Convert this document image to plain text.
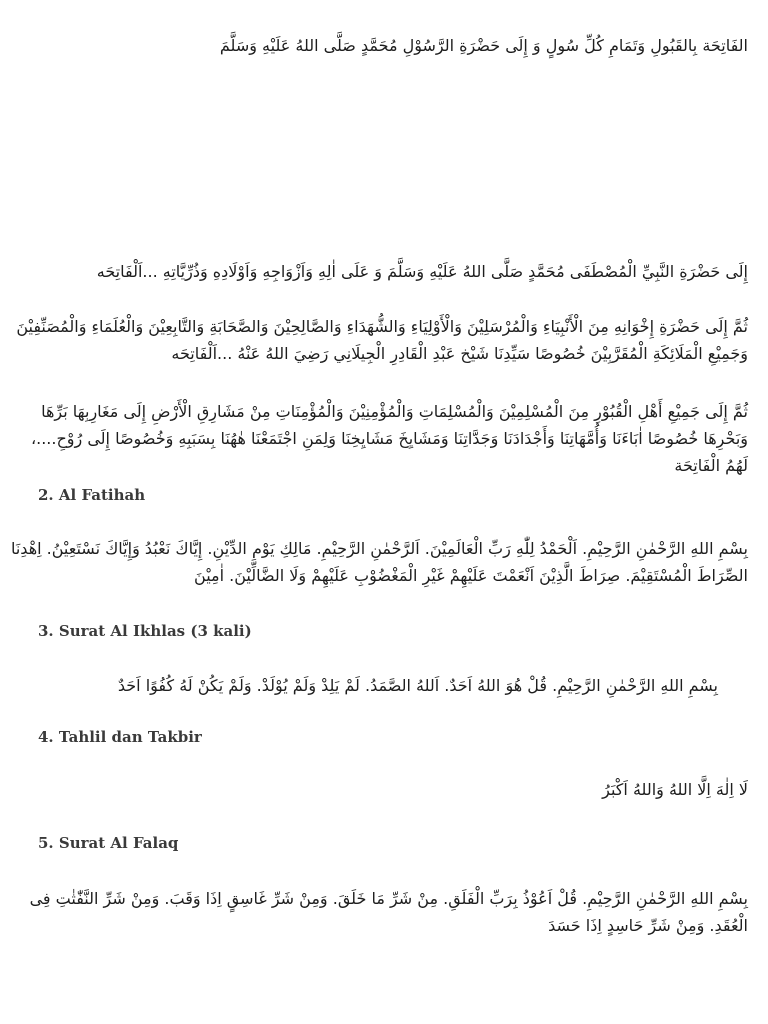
الفَاتِحَة بِالقَبُولِ وَتَمَامِ كُلِّ سُولٍ وَ إِلَى حَضْرَةِ الرَّسُوْلِ مُحَمَّدٍ صَلَّى اللهُ عَلَيْهِ وَسَلَّمَ

إِلَى حَضْرَةِ النَّبِيِّ الْمُصْطَفَى مُحَمَّدٍ صَلَّى اللهُ عَلَيْهِ وَسَلَّمَ وَ عَلَى اٰلِهِ وَاَزْوَاجِهِ وَاَوْلَادِهِ وَذُرِّيَّاتِهِ ...اَلْفَاتِحَه

ثُمَّ إِلَى حَضْرَةِ إِخْوَانِهِ مِنَ الْأَنْبِيَاءِ وَالْمُرْسَلِيْنَ وَالْأَوْلِيَاءِ وَالشُّهَدَاءِ وَالصَّالِحِيْنَ وَالصَّحَابَةِ وَالتَّابِعِيْنَ وَالْعُلَمَاءِ وَالْمُصَنِّفِيْنَ وَجَمِيْعِ الْمَلَائِكَةِ الْمُقَرَّبِيْنَ خُصُوصًا سَيِّدِنَا شَيْخ عَبْدِ الْقَادِرِ الْجِيلَانِي رَضِيَ اللهُ عَنْهُ ...اَلْفَاتِحَه

ثُمَّ إِلَى جَمِيْعِ أَهْلِ الْقُبُوْرِ مِنَ الْمُسْلِمِيْنَ وَالْمُسْلِمَاتِ وَالْمُؤْمِنِيْنَ وَالْمُؤْمِنَاتِ مِنْ مَشَارِقِ الْأَرْضِ إِلَى مَغَارِبِهَا بَرِّهَا وَبَحْرِهَا خُصُوصًا اٰبَاءَنَا وَأُمَّهَاتِنَا وَأَجْدَادَنَا وَجَدَّاتِنَا وَمَشَايِخَ مَشَايِخِنَا وَلِمَنِ اجْتَمَعْنَا هٰهُنَا بِسَبَبِهِ وَخُصُوصًا إِلَى رُوْحِ....، لَهُمُ الْفَاتِحَة

2. Al Fatihah

بِسْمِ اللهِ الرَّحْمٰنِ الرَّحِيْمِ. اَلْحَمْدُ لِلّٰهِ رَبِّ الْعَالَمِيْنَ. اَلرَّحْمٰنِ الرَّحِيْمِ. مَالِكِ يَوْمِ الدِّيْنِ. إِيَّاكَ نَعْبُدُ وَإِيَّاكَ نَسْتَعِيْنُ. اِهْدِنَا الصِّرَاطَ الْمُسْتَقِيْمَ. صِرَاطَ الَّذِيْنَ اَنْعَمْتَ عَلَيْهِمْ غَيْرِ الْمَغْضُوْبِ عَلَيْهِمْ وَلَا الضَّالِّيْنَ. اٰمِيْنَ

3. Surat Al Ikhlas (3 kali)

بِسْمِ اللهِ الرَّحْمٰنِ الرَّحِيْمِ. قُلْ هُوَ اللهُ اَحَدٌ. اَللهُ الصَّمَدُ. لَمْ يَلِدْ وَلَمْ يُوْلَدْ. وَلَمْ يَكُنْ لَهُ كُفُوًا اَحَدٌ

4. Tahlil dan Takbir

لَا اِلٰهَ اِلَّا اللهُ وَاللهُ اَكْبَرُ

5. Surat Al Falaq

بِسْمِ اللهِ الرَّحْمٰنِ الرَّحِيْمِ. قُلْ اَعُوْذُ بِرَبِّ الْفَلَقِ. مِنْ شَرِّ مَا خَلَقَ. وَمِنْ شَرِّ غَاسِقٍ اِذَا وَقَبَ. وَمِنْ شَرِّ النَّفّٰثٰتِ فِى الْعُقَدِ. وَمِنْ شَرِّ حَاسِدٍ اِذَا حَسَدَ
